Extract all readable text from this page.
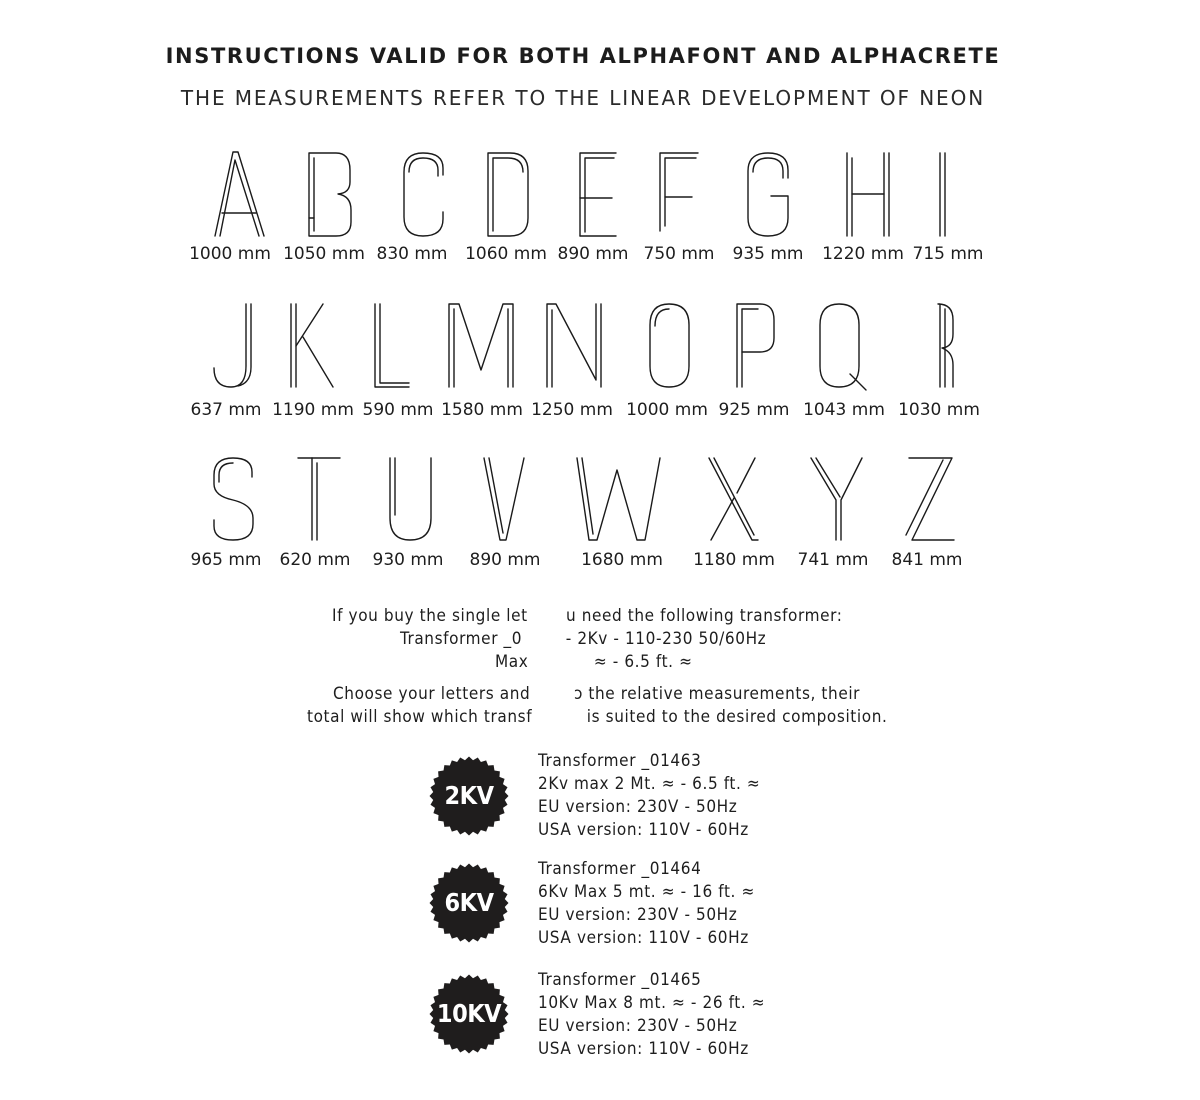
INSTRUCTIONS VALID FOR BOTH ALPHAFONT AND ALPHACRETE
THE MEASUREMENTS REFER TO THE LINEAR DEVELOPMENT OF NEON
1000 mm 1050 mm 830 mm 1060 mm 890 mm 750 mm 935 mm 1220 mm 715 mm
637 mm 1190 mm 590 mm 1580 mm 1250 mm 1000 mm 925 mm 1043 mm 1030 mm
965 mm 620 mm 930 mm 890 mm 1680 mm 1180 mm 741 mm 841 mm
If you buy the single let       u need the following transformer:
Transformer _0        - 2Kv - 110-230 50/60Hz
Max            ≈ - 6.5 ft. ≈
Choose your letters and        ɔ the relative measurements, their
total will show which transf          is suited to the desired composition.
2KV
Transformer _01463
2Kv max 2 Mt. ≈ - 6.5 ft. ≈
EU version: 230V - 50Hz
USA version: 110V - 60Hz
6KV
Transformer _01464
6Kv Max 5 mt. ≈ - 16 ft. ≈
EU version: 230V - 50Hz
USA version: 110V - 60Hz
10KV
Transformer _01465
10Kv Max 8 mt. ≈ - 26 ft. ≈
EU version: 230V - 50Hz
USA version: 110V - 60Hz
